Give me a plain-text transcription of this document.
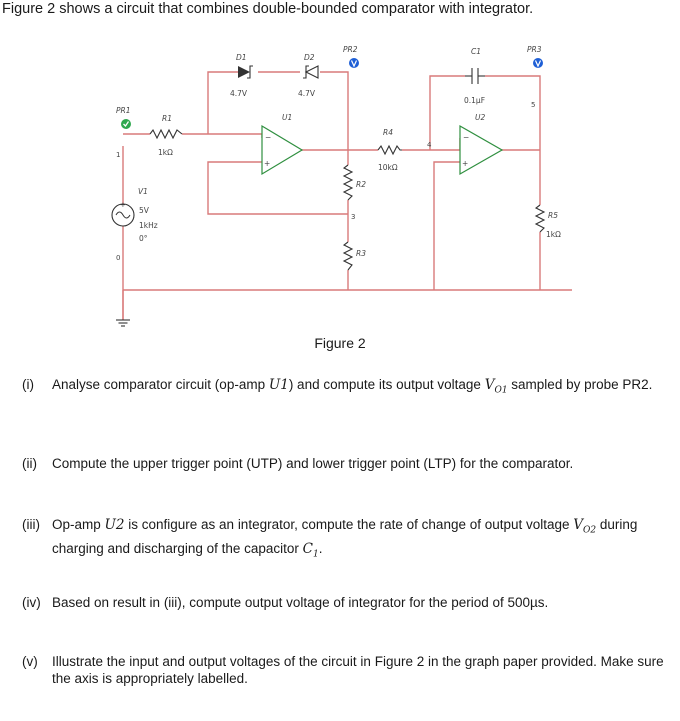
Figure 2 shows a circuit that combines double-bounded comparator with integrator.
PR1
PR2	PR3
R1
1kΩ
D1
4.7V
D2
4.7V
−
+
U1
R4
10kΩ
R2
R3
C1
0.1µF
−
+
U2
R5
1kΩ
+
V1
5V
1kHz
0°
1
3
4
5
0
Figure 2
(i) Analyse comparator circuit (op-amp U1) and compute its output voltage $V_{O1}$ sampled by probe PR2.
(ii) Compute the upper trigger point (UTP) and lower trigger point (LTP) for the comparator.
(iii) Op-amp U2 is configure as an integrator, compute the rate of change of output voltage $V_{O2}$ during charging and discharging of the capacitor $C_1$.
(iv) Based on result in (iii), compute output voltage of integrator for the period of 500µs.
(v) Illustrate the input and output voltages of the circuit in Figure 2 in the graph paper provided. Make sure the axis is appropriately labelled.
